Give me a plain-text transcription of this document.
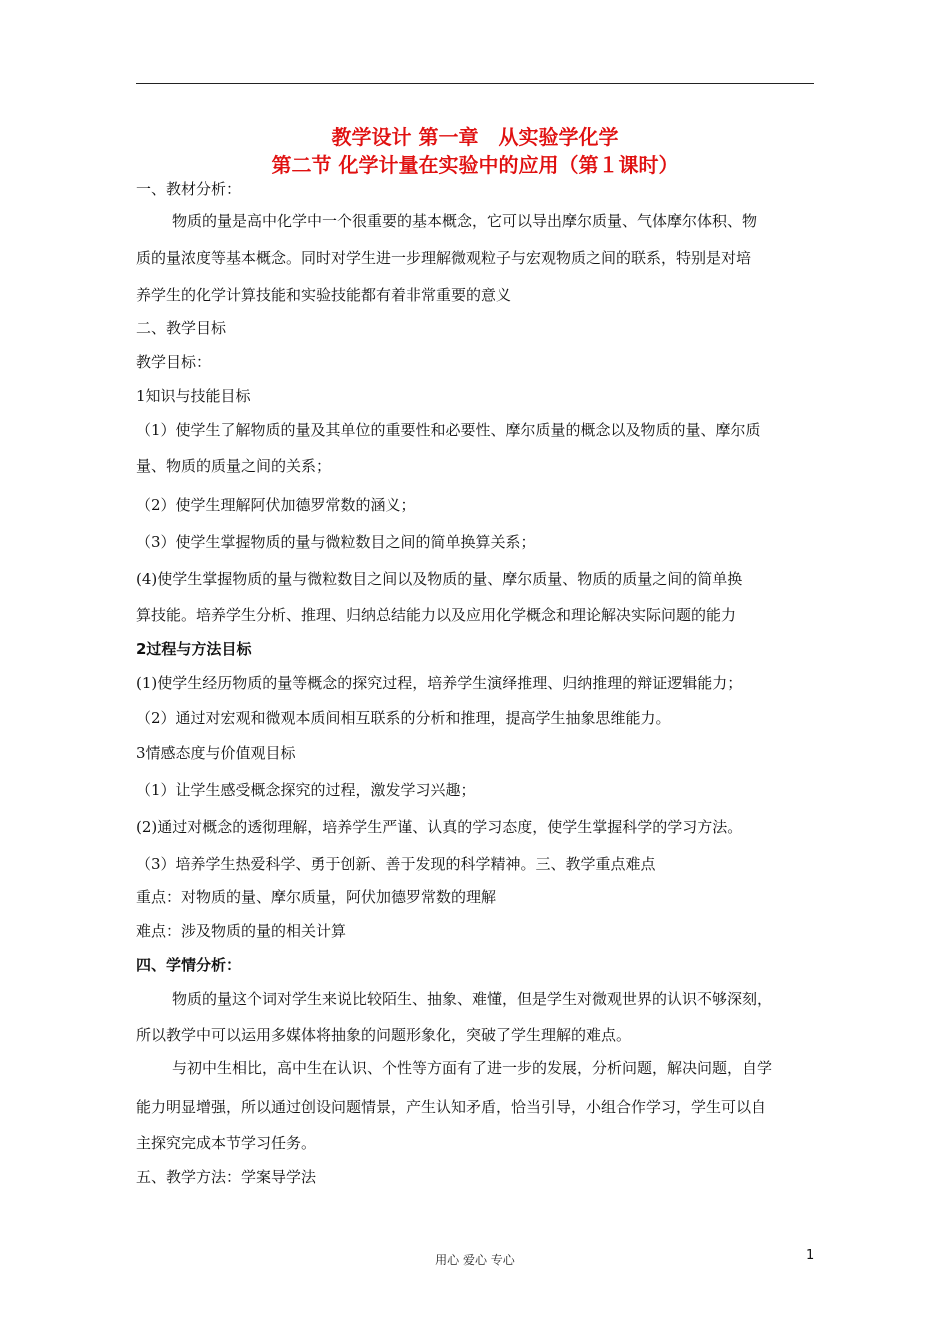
教学设计 第一章　从实验学化学
第二节 化学计量在实验中的应用（第１课时）
一、教材分析：
物质的量是高中化学中一个很重要的基本概念，它可以导出摩尔质量、气体摩尔体积、物
质的量浓度等基本概念。同时对学生进一步理解微观粒子与宏观物质之间的联系，特别是对培
养学生的化学计算技能和实验技能都有着非常重要的意义
二、教学目标
教学目标：
1知识与技能目标
（1）使学生了解物质的量及其单位的重要性和必要性、摩尔质量的概念以及物质的量、摩尔质
量、物质的质量之间的关系；
（2）使学生理解阿伏加德罗常数的涵义；
（3）使学生掌握物质的量与微粒数目之间的简单换算关系；
(4)使学生掌握物质的量与微粒数目之间以及物质的量、摩尔质量、物质的质量之间的简单换
算技能。培养学生分析、推理、归纳总结能力以及应用化学概念和理论解决实际问题的能力
2过程与方法目标
(1)使学生经历物质的量等概念的探究过程，培养学生演绎推理、归纳推理的辩证逻辑能力；
（2）通过对宏观和微观本质间相互联系的分析和推理，提高学生抽象思维能力。
3情感态度与价值观目标
（1）让学生感受概念探究的过程，激发学习兴趣；
(2)通过对概念的透彻理解，培养学生严谨、认真的学习态度，使学生掌握科学的学习方法。
（3）培养学生热爱科学、勇于创新、善于发现的科学精神。三、教学重点难点
重点：对物质的量、摩尔质量，阿伏加德罗常数的理解
难点：涉及物质的量的相关计算
四、学情分析：
物质的量这个词对学生来说比较陌生、抽象、难懂，但是学生对微观世界的认识不够深刻，
所以教学中可以运用多媒体将抽象的问题形象化，突破了学生理解的难点。
与初中生相比，高中生在认识、个性等方面有了进一步的发展，分析问题，解决问题，自学
能力明显增强，所以通过创设问题情景，产生认知矛盾，恰当引导，小组合作学习，学生可以自
主探究完成本节学习任务。
五、教学方法：学案导学法
用心 爱心 专心	1
